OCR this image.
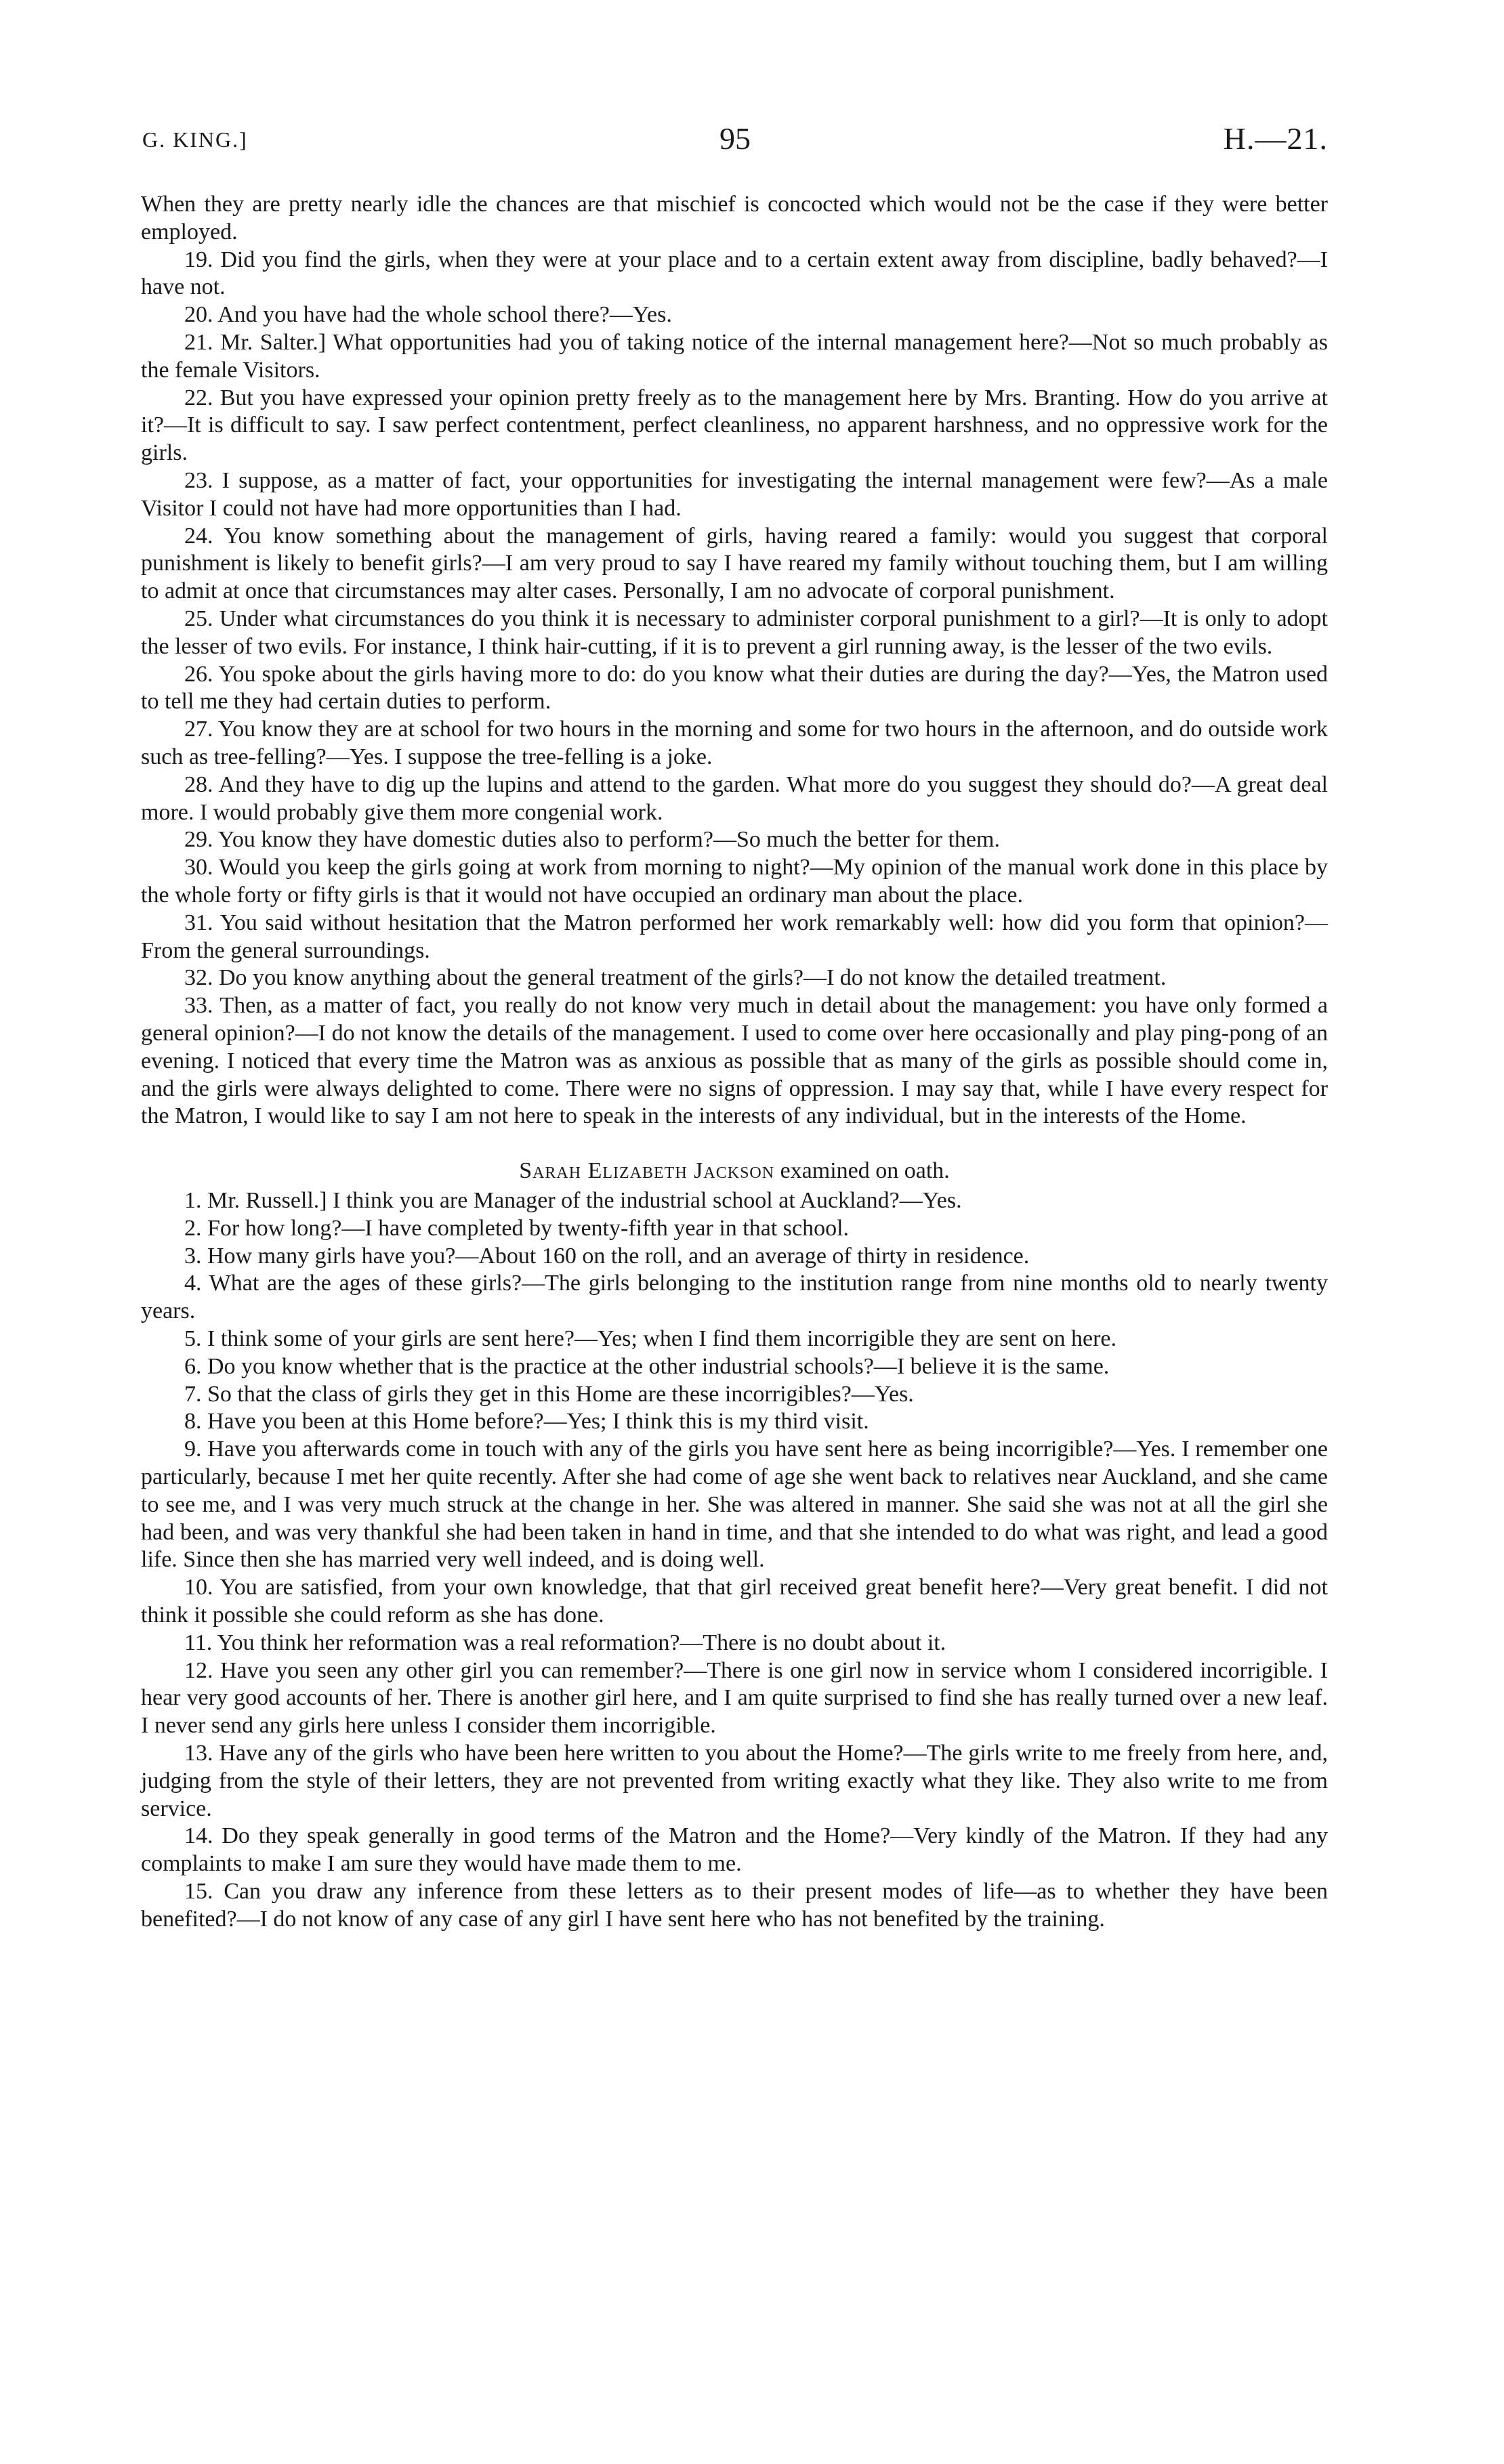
G. KING.]	95	H.—21.

When they are pretty nearly idle the chances are that mischief is concocted which would not be the case if they were better employed.

19. Did you find the girls, when they were at your place and to a certain extent away from discipline, badly behaved?—I have not.

20. And you have had the whole school there?—Yes.

21. Mr. Salter.] What opportunities had you of taking notice of the internal management here?—Not so much probably as the female Visitors.

22. But you have expressed your opinion pretty freely as to the management here by Mrs. Branting. How do you arrive at it?—It is difficult to say. I saw perfect contentment, perfect cleanliness, no apparent harshness, and no oppressive work for the girls.

23. I suppose, as a matter of fact, your opportunities for investigating the internal management were few?—As a male Visitor I could not have had more opportunities than I had.

24. You know something about the management of girls, having reared a family: would you suggest that corporal punishment is likely to benefit girls?—I am very proud to say I have reared my family without touching them, but I am willing to admit at once that circumstances may alter cases. Personally, I am no advocate of corporal punishment.

25. Under what circumstances do you think it is necessary to administer corporal punishment to a girl?—It is only to adopt the lesser of two evils. For instance, I think hair-cutting, if it is to prevent a girl running away, is the lesser of the two evils.

26. You spoke about the girls having more to do: do you know what their duties are during the day?—Yes, the Matron used to tell me they had certain duties to perform.

27. You know they are at school for two hours in the morning and some for two hours in the afternoon, and do outside work such as tree-felling?—Yes. I suppose the tree-felling is a joke.

28. And they have to dig up the lupins and attend to the garden. What more do you suggest they should do?—A great deal more. I would probably give them more congenial work.

29. You know they have domestic duties also to perform?—So much the better for them.

30. Would you keep the girls going at work from morning to night?—My opinion of the manual work done in this place by the whole forty or fifty girls is that it would not have occupied an ordinary man about the place.

31. You said without hesitation that the Matron performed her work remarkably well: how did you form that opinion?—From the general surroundings.

32. Do you know anything about the general treatment of the girls?—I do not know the detailed treatment.

33. Then, as a matter of fact, you really do not know very much in detail about the management: you have only formed a general opinion?—I do not know the details of the management. I used to come over here occasionally and play ping-pong of an evening. I noticed that every time the Matron was as anxious as possible that as many of the girls as possible should come in, and the girls were always delighted to come. There were no signs of oppression. I may say that, while I have every respect for the Matron, I would like to say I am not here to speak in the interests of any individual, but in the interests of the Home.

Sarah Elizabeth Jackson examined on oath.

1. Mr. Russell.] I think you are Manager of the industrial school at Auckland?—Yes.

2. For how long?—I have completed by twenty-fifth year in that school.

3. How many girls have you?—About 160 on the roll, and an average of thirty in residence.

4. What are the ages of these girls?—The girls belonging to the institution range from nine months old to nearly twenty years.

5. I think some of your girls are sent here?—Yes; when I find them incorrigible they are sent on here.

6. Do you know whether that is the practice at the other industrial schools?—I believe it is the same.

7. So that the class of girls they get in this Home are these incorrigibles?—Yes.

8. Have you been at this Home before?—Yes; I think this is my third visit.

9. Have you afterwards come in touch with any of the girls you have sent here as being incorrigible?—Yes. I remember one particularly, because I met her quite recently. After she had come of age she went back to relatives near Auckland, and she came to see me, and I was very much struck at the change in her. She was altered in manner. She said she was not at all the girl she had been, and was very thankful she had been taken in hand in time, and that she intended to do what was right, and lead a good life. Since then she has married very well indeed, and is doing well.

10. You are satisfied, from your own knowledge, that that girl received great benefit here?—Very great benefit. I did not think it possible she could reform as she has done.

11. You think her reformation was a real reformation?—There is no doubt about it.

12. Have you seen any other girl you can remember?—There is one girl now in service whom I considered incorrigible. I hear very good accounts of her. There is another girl here, and I am quite surprised to find she has really turned over a new leaf. I never send any girls here unless I consider them incorrigible.

13. Have any of the girls who have been here written to you about the Home?—The girls write to me freely from here, and, judging from the style of their letters, they are not prevented from writing exactly what they like. They also write to me from service.

14. Do they speak generally in good terms of the Matron and the Home?—Very kindly of the Matron. If they had any complaints to make I am sure they would have made them to me.

15. Can you draw any inference from these letters as to their present modes of life—as to whether they have been benefited?—I do not know of any case of any girl I have sent here who has not benefited by the training.
